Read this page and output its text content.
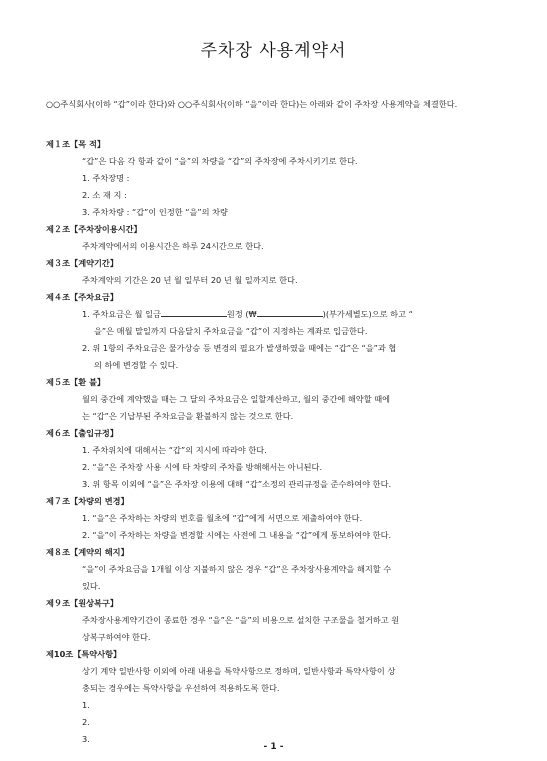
주차장 사용계약서
○○주식회사(이하 “갑”이라 한다)와 ○○주식회사(이하 “을”이라 한다)는 아래와 같이 주차장 사용계약을 체결한다.
제１조【목 적】
“갑”은 다음 각 항과 같이 “을”의 차량을 “갑”의 주차장에 주차시키기로 한다.
1. 주차장명 :
2. 소 재 지 :
3. 주차차량 : “갑”이 인정한 “을”의 차량
제２조【주차장이용시간】
주차계약에서의 이용시간은 하루 24시간으로 한다.
제３조【계약기간】
주차계약의 기간은 20 년 월 일부터 20 년 월 일까지로 한다.
제４조【주차요금】
1. 주차요금은 월 일금	원정 (₩	)(부가세별도)으로 하고 “
을”은 매월 말일까지 다음달치 주차요금을 “갑”이 지정하는 계좌로 입금한다.
2. 위 1항의 주차요금은 물가상승 등 변경의 필요가 발생하였을 때에는 “갑”은 “을”과 협
의 하에 변경할 수 있다.
제５조【환 불】
월의 중간에 계약했을 때는 그 달의 주차요금은 일할계산하고, 월의 중간에 해약할 때에
는 “갑”은 기납부된 주차요금을 환불하지 않는 것으로 한다.
제６조【출입규정】
1. 주차위치에 대해서는 “갑”의 지시에 따라야 한다.
2. “을”은 주차장 사용 시에 타 차량의 주차를 방해해서는 아니된다.
3. 위 항목 이외에 “을”은 주차장 이용에 대해 “갑”소정의 관리규정을 준수하여야 한다.
제７조【차량의 변경】
1. “을”은 주차하는 차량의 번호를 월초에 “갑”에게 서면으로 제출하여야 한다.
2. “을”이 주차하는 차량을 변경할 시에는 사전에 그 내용을 “갑”에게 통보하여야 한다.
제８조【계약의 해지】
“을”이 주차요금을 1개월 이상 지불하지 않은 경우 “갑”은 주차장사용계약을 해지할 수
있다.
제９조【원상복구】
주차장사용계약기간이 종료한 경우 “을”은 “을”의 비용으로 설치한 구조물을 철거하고 원
상복구하여야 한다.
제10조【특약사항】
상기 계약 일반사항 이외에 아래 내용을 특약사항으로 정하며, 일반사항과 특약사항이 상
충되는 경우에는 특약사항을 우선하여 적용하도록 한다.
1.
2.
3.
- 1 -
